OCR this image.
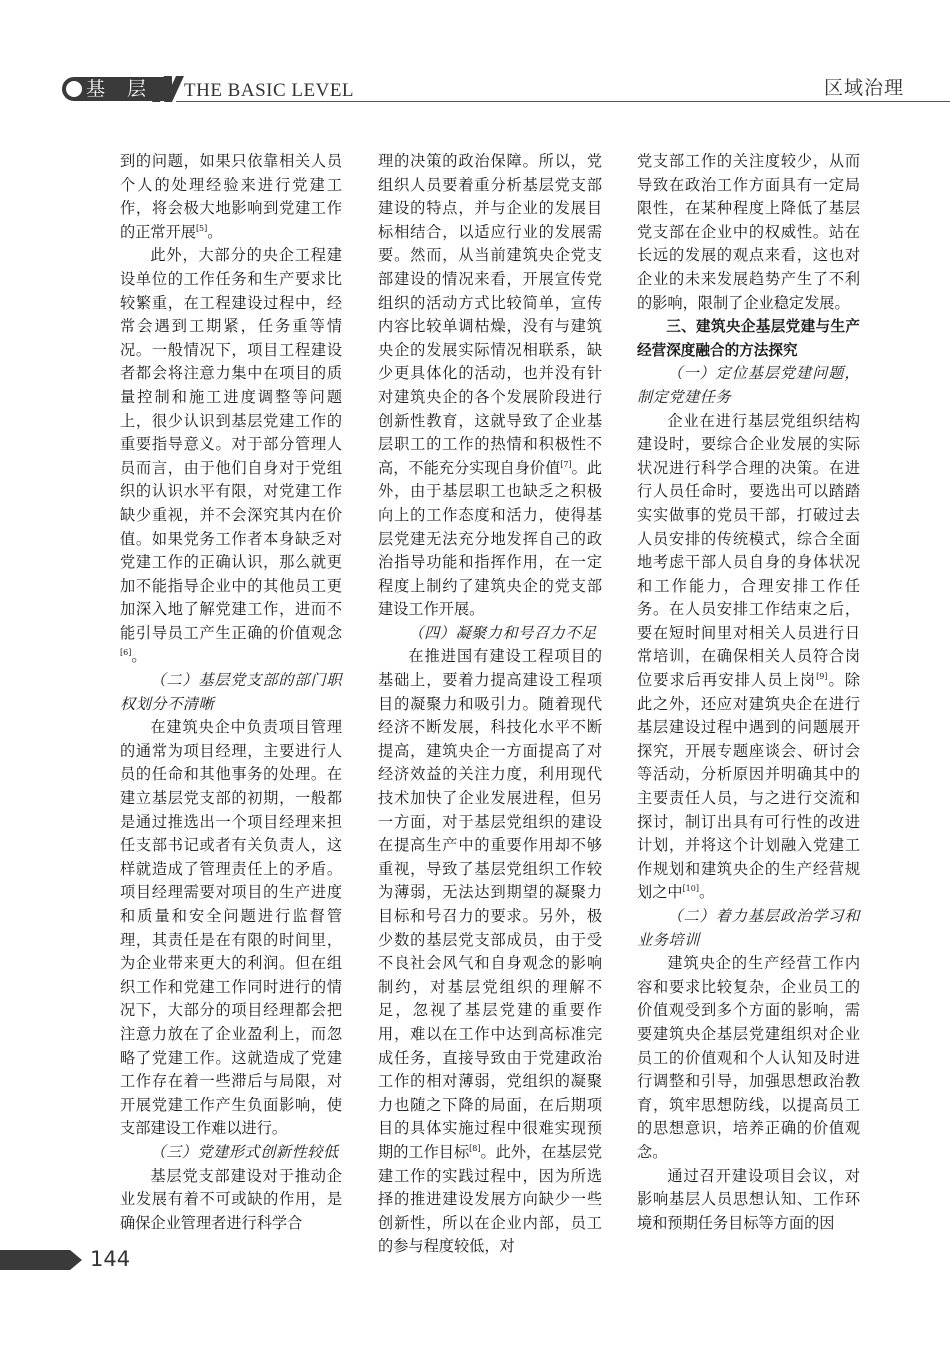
基 层 THE BASIC LEVEL	区域治理

到的问题，如果只依靠相关人员个人的处理经验来进行党建工作，将会极大地影响到党建工作的正常开展[5]。

此外，大部分的央企工程建设单位的工作任务和生产要求比较繁重，在工程建设过程中，经常会遇到工期紧，任务重等情况。一般情况下，项目工程建设者都会将注意力集中在项目的质量控制和施工进度调整等问题上，很少认识到基层党建工作的重要指导意义。对于部分管理人员而言，由于他们自身对于党组织的认识水平有限，对党建工作缺少重视，并不会深究其内在价值。如果党务工作者本身缺乏对党建工作的正确认识，那么就更加不能指导企业中的其他员工更加深入地了解党建工作，进而不能引导员工产生正确的价值观念[6]。

（二）基层党支部的部门职权划分不清晰

在建筑央企中负责项目管理的通常为项目经理，主要进行人员的任命和其他事务的处理。在建立基层党支部的初期，一般都是通过推选出一个项目经理来担任支部书记或者有关负责人，这样就造成了管理责任上的矛盾。项目经理需要对项目的生产进度和质量和安全问题进行监督管理，其责任是在有限的时间里，为企业带来更大的利润。但在组织工作和党建工作同时进行的情况下，大部分的项目经理都会把注意力放在了企业盈利上，而忽略了党建工作。这就造成了党建工作存在着一些滞后与局限，对开展党建工作产生负面影响，使支部建设工作难以进行。

（三）党建形式创新性较低

基层党支部建设对于推动企业发展有着不可或缺的作用，是确保企业管理者进行科学合

理的决策的政治保障。所以，党组织人员要着重分析基层党支部建设的特点，并与企业的发展目标相结合，以适应行业的发展需要。然而，从当前建筑央企党支部建设的情况来看，开展宣传党组织的活动方式比较简单，宣传内容比较单调枯燥，没有与建筑央企的发展实际情况相联系，缺少更具体化的活动，也并没有针对建筑央企的各个发展阶段进行创新性教育，这就导致了企业基层职工的工作的热情和积极性不高，不能充分实现自身价值[7]。此外，由于基层职工也缺乏之积极向上的工作态度和活力，使得基层党建无法充分地发挥自己的政治指导功能和指挥作用，在一定程度上制约了建筑央企的党支部建设工作开展。

（四）凝聚力和号召力不足

在推进国有建设工程项目的基础上，要着力提高建设工程项目的凝聚力和吸引力。随着现代经济不断发展，科技化水平不断提高，建筑央企一方面提高了对经济效益的关注力度，利用现代技术加快了企业发展进程，但另一方面，对于基层党组织的建设在提高生产中的重要作用却不够重视，导致了基层党组织工作较为薄弱，无法达到期望的凝聚力目标和号召力的要求。另外，极少数的基层党支部成员，由于受不良社会风气和自身观念的影响制约，对基层党组织的理解不足，忽视了基层党建的重要作用，难以在工作中达到高标准完成任务，直接导致由于党建政治工作的相对薄弱，党组织的凝聚力也随之下降的局面，在后期项目的具体实施过程中很难实现预期的工作目标[8]。此外，在基层党建工作的实践过程中，因为所选择的推进建设发展方向缺少一些创新性，所以在企业内部，员工的参与程度较低，对

党支部工作的关注度较少，从而导致在政治工作方面具有一定局限性，在某种程度上降低了基层党支部在企业中的权威性。站在长远的发展的观点来看，这也对企业的未来发展趋势产生了不利的影响，限制了企业稳定发展。

三、建筑央企基层党建与生产经营深度融合的方法探究

（一）定位基层党建问题，制定党建任务

企业在进行基层党组织结构建设时，要综合企业发展的实际状况进行科学合理的决策。在进行人员任命时，要选出可以踏踏实实做事的党员干部，打破过去人员安排的传统模式，综合全面地考虑干部人员自身的身体状况和工作能力，合理安排工作任务。在人员安排工作结束之后，要在短时间里对相关人员进行日常培训，在确保相关人员符合岗位要求后再安排人员上岗[9]。除此之外，还应对建筑央企在进行基层建设过程中遇到的问题展开探究，开展专题座谈会、研讨会等活动，分析原因并明确其中的主要责任人员，与之进行交流和探讨，制订出具有可行性的改进计划，并将这个计划融入党建工作规划和建筑央企的生产经营规划之中[10]。

（二）着力基层政治学习和业务培训

建筑央企的生产经营工作内容和要求比较复杂，企业员工的价值观受到多个方面的影响，需要建筑央企基层党建组织对企业员工的价值观和个人认知及时进行调整和引导，加强思想政治教育，筑牢思想防线，以提高员工的思想意识，培养正确的价值观念。

通过召开建设项目会议，对影响基层人员思想认知、工作环境和预期任务目标等方面的因

144
